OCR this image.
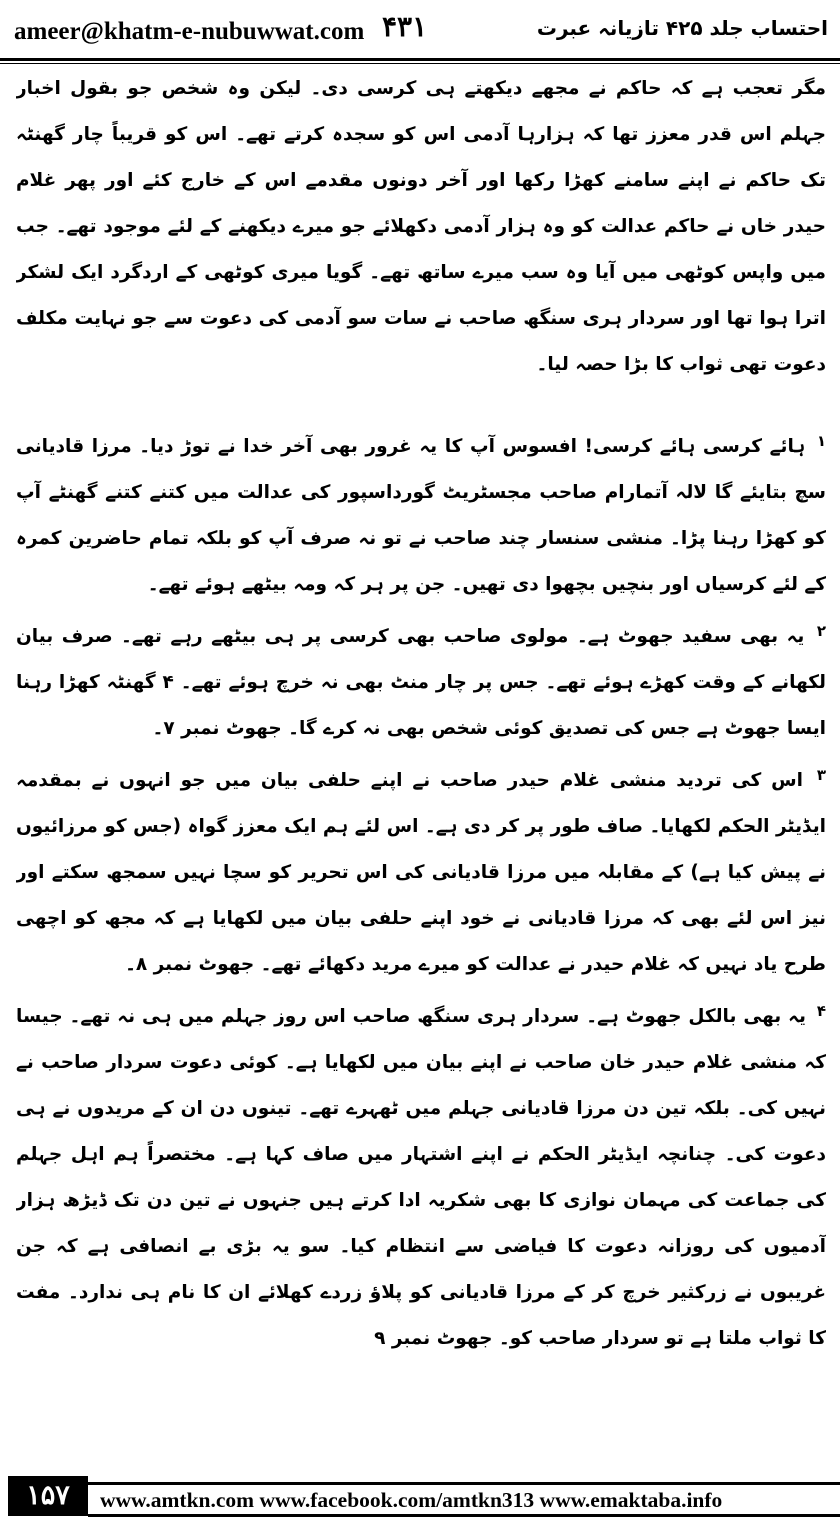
ameer@khatm-e-nubuwwat.com ۴۳۱	احتساب جلد ۴۲۵ تازیانہ عبرت

مگر تعجب ہے کہ حاکم نے مجھے دیکھتے ہی کرسی دی۔ لیکن وہ شخص جو بقول اخبار جہلم اس قدر معزز تھا کہ ہزارہا آدمی اس کو سجدہ کرتے تھے۔ اس کو قریباً چار گھنٹہ تک حاکم نے اپنے سامنے کھڑا رکھا اور آخر دونوں مقدمے اس کے خارج کئے اور پھر غلام حیدر خاں نے حاکم عدالت کو وہ ہزار آدمی دکھلائے جو میرے دیکھنے کے لئے موجود تھے۔ جب میں واپس کوٹھی میں آیا وہ سب میرے ساتھ تھے۔ گویا میری کوٹھی کے اردگرد ایک لشکر اترا ہوا تھا اور سردار ہری سنگھ صاحب نے سات سو آدمی کی دعوت سے جو نہایت مکلف دعوت تھی ثواب کا بڑا حصہ لیا۔

$^۱$ ہائے کرسی ہائے کرسی! افسوس آپ کا یہ غرور بھی آخر خدا نے توڑ دیا۔ مرزا قادیانی سچ بتایئے گا لالہ آتمارام صاحب مجسٹریٹ گورداسپور کی عدالت میں کتنے کتنے گھنٹے آپ کو کھڑا رہنا پڑا۔ منشی سنسار چند صاحب نے تو نہ صرف آپ کو بلکہ تمام حاضرین کمرہ کے لئے کرسیاں اور بنچیں بچھوا دی تھیں۔ جن پر ہر کہ ومہ بیٹھے ہوئے تھے۔

$^۲$ یہ بھی سفید جھوٹ ہے۔ مولوی صاحب بھی کرسی پر ہی بیٹھے رہے تھے۔ صرف بیان لکھانے کے وقت کھڑے ہوئے تھے۔ جس پر چار منٹ بھی نہ خرچ ہوئے تھے۔ ۴ گھنٹہ کھڑا رہنا ایسا جھوٹ ہے جس کی تصدیق کوئی شخص بھی نہ کرے گا۔ جھوٹ نمبر ۷۔

$^۳$ اس کی تردید منشی غلام حیدر صاحب نے اپنے حلفی بیان میں جو انہوں نے بمقدمہ ایڈیٹر الحکم لکھایا۔ صاف طور پر کر دی ہے۔ اس لئے ہم ایک معزز گواہ (جس کو مرزائیوں نے پیش کیا ہے) کے مقابلہ میں مرزا قادیانی کی اس تحریر کو سچا نہیں سمجھ سکتے اور نیز اس لئے بھی کہ مرزا قادیانی نے خود اپنے حلفی بیان میں لکھایا ہے کہ مجھ کو اچھی طرح یاد نہیں کہ غلام حیدر نے عدالت کو میرے مرید دکھائے تھے۔ جھوٹ نمبر ۸۔

$^۴$ یہ بھی بالکل جھوٹ ہے۔ سردار ہری سنگھ صاحب اس روز جہلم میں ہی نہ تھے۔ جیسا کہ منشی غلام حیدر خان صاحب نے اپنے بیان میں لکھایا ہے۔ کوئی دعوت سردار صاحب نے نہیں کی۔ بلکہ تین دن مرزا قادیانی جہلم میں ٹھہرے تھے۔ تینوں دن ان کے مریدوں نے ہی دعوت کی۔ چنانچہ ایڈیٹر الحکم نے اپنے اشتہار میں صاف کہا ہے۔ مختصراً ہم اہل جہلم کی جماعت کی مہمان نوازی کا بھی شکریہ ادا کرتے ہیں جنہوں نے تین دن تک ڈیڑھ ہزار آدمیوں کی روزانہ دعوت کا فیاضی سے انتظام کیا۔ سو یہ بڑی بے انصافی ہے کہ جن غریبوں نے زرکثیر خرچ کر کے مرزا قادیانی کو پلاؤ زردے کھلائے ان کا نام ہی ندارد۔ مفت کا ثواب ملتا ہے تو سردار صاحب کو۔ جھوٹ نمبر ۹

۱۵۷	www.amtkn.com www.facebook.com/amtkn313 www.emaktaba.info
